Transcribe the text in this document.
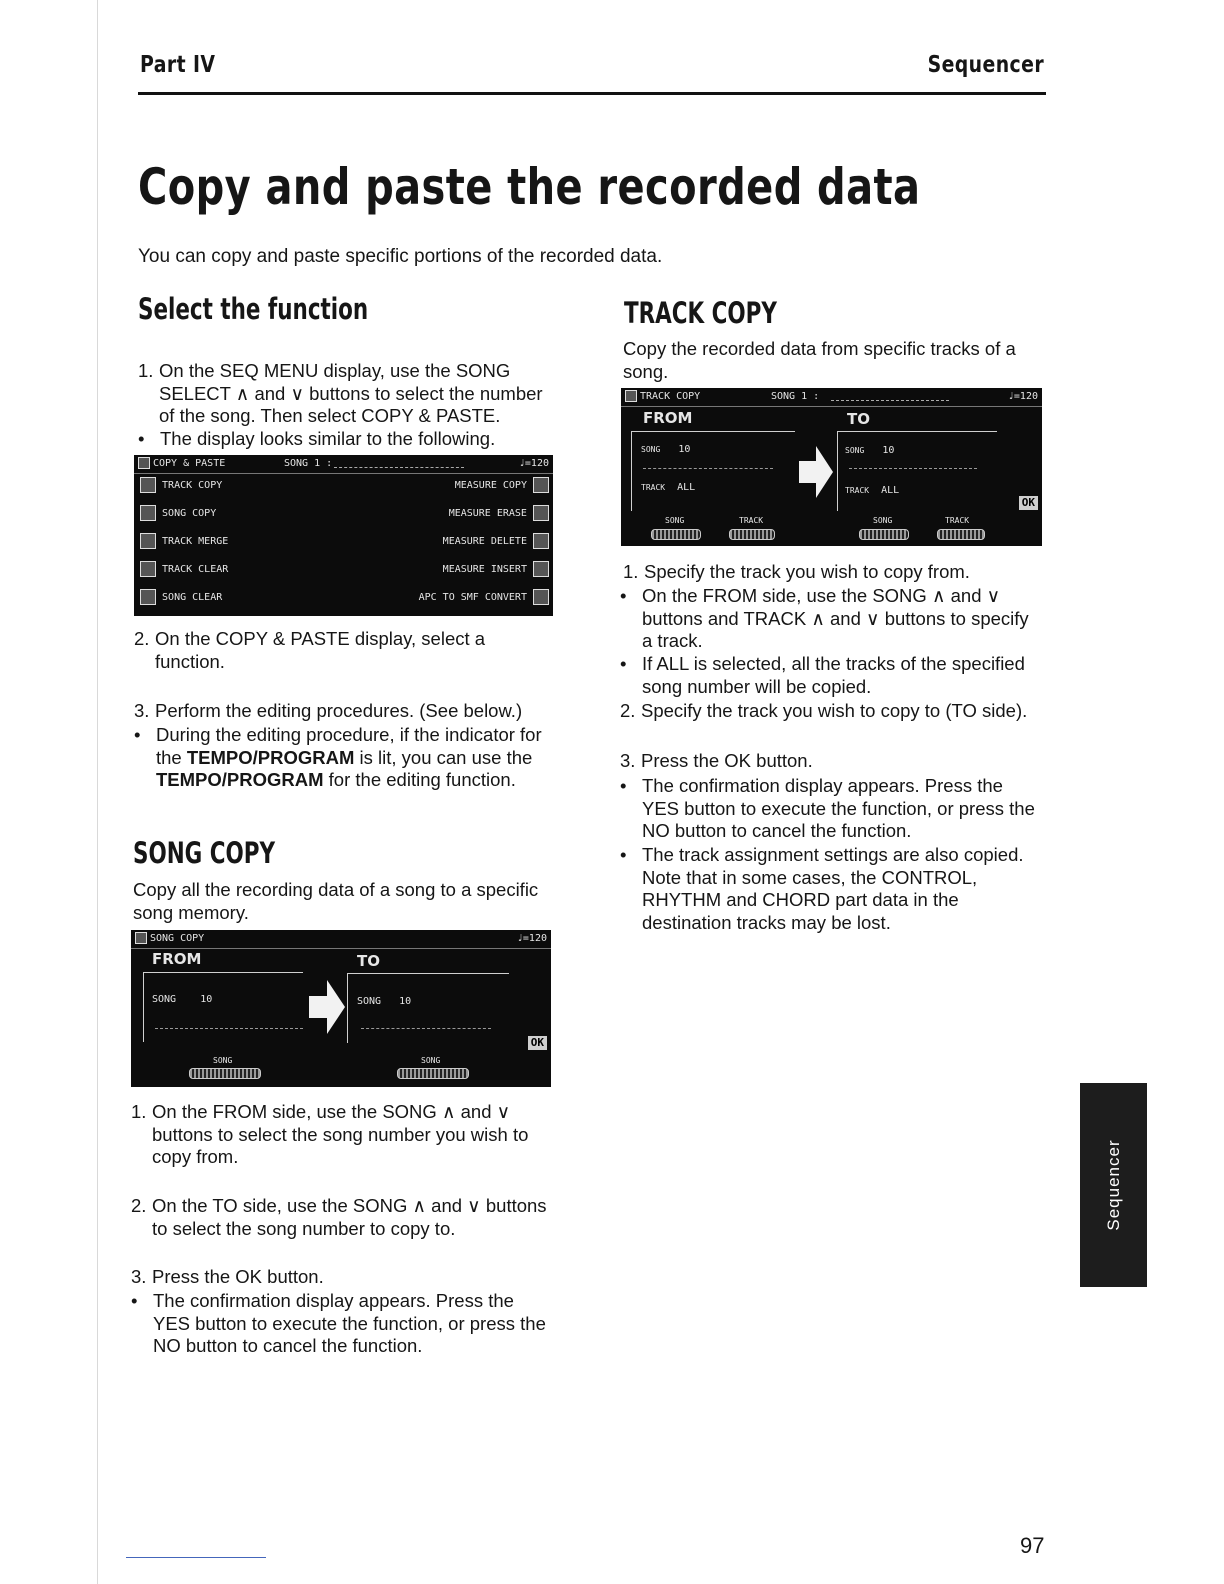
Part IV	Sequencer
Copy and paste the recorded data
You can copy and paste specific portions of the recorded data.
Select the function
1. On the SEQ MENU display, use the SONG SELECT ∧ and ∨ buttons to select the number of the song. Then select COPY & PASTE.
• The display looks similar to the following.
COPY & PASTE	SONG 1 :	♩=120
TRACK COPY
SONG COPY
TRACK MERGE
TRACK CLEAR
SONG CLEAR
MEASURE COPY
MEASURE ERASE
MEASURE DELETE
MEASURE INSERT
APC TO SMF CONVERT
2. On the COPY & PASTE display, select a function.
3. Perform the editing procedures. (See below.)
• During the editing procedure, if the indicator for the TEMPO/PROGRAM is lit, you can use the TEMPO/PROGRAM for the editing function.
SONG COPY
Copy all the recording data of a song to a specific song memory.
SONG COPY	♩=120
FROM	TO
SONG 10	SONG 10
OK
SONG	SONG
1. On the FROM side, use the SONG ∧ and ∨ buttons to select the song number you wish to copy from.
2. On the TO side, use the SONG ∧ and ∨ buttons to select the song number to copy to.
3. Press the OK button.
• The confirmation display appears. Press the YES button to execute the function, or press the NO button to cancel the function.
TRACK COPY
Copy the recorded data from specific tracks of a song.
TRACK COPY	SONG 1 :	♩=120
FROM	TO
SONG 10	SONG 10
TRACK ALL	TRACK ALL
OK
SONG	TRACK	SONG	TRACK
1. Specify the track you wish to copy from.
• On the FROM side, use the SONG ∧ and ∨ buttons and TRACK ∧ and ∨ buttons to specify a track.
• If ALL is selected, all the tracks of the specified song number will be copied.
2. Specify the track you wish to copy to (TO side).
3. Press the OK button.
• The confirmation display appears. Press the YES button to execute the function, or press the NO button to cancel the function.
• The track assignment settings are also copied. Note that in some cases, the CONTROL, RHYTHM and CHORD part data in the destination tracks may be lost.
Sequencer
97
